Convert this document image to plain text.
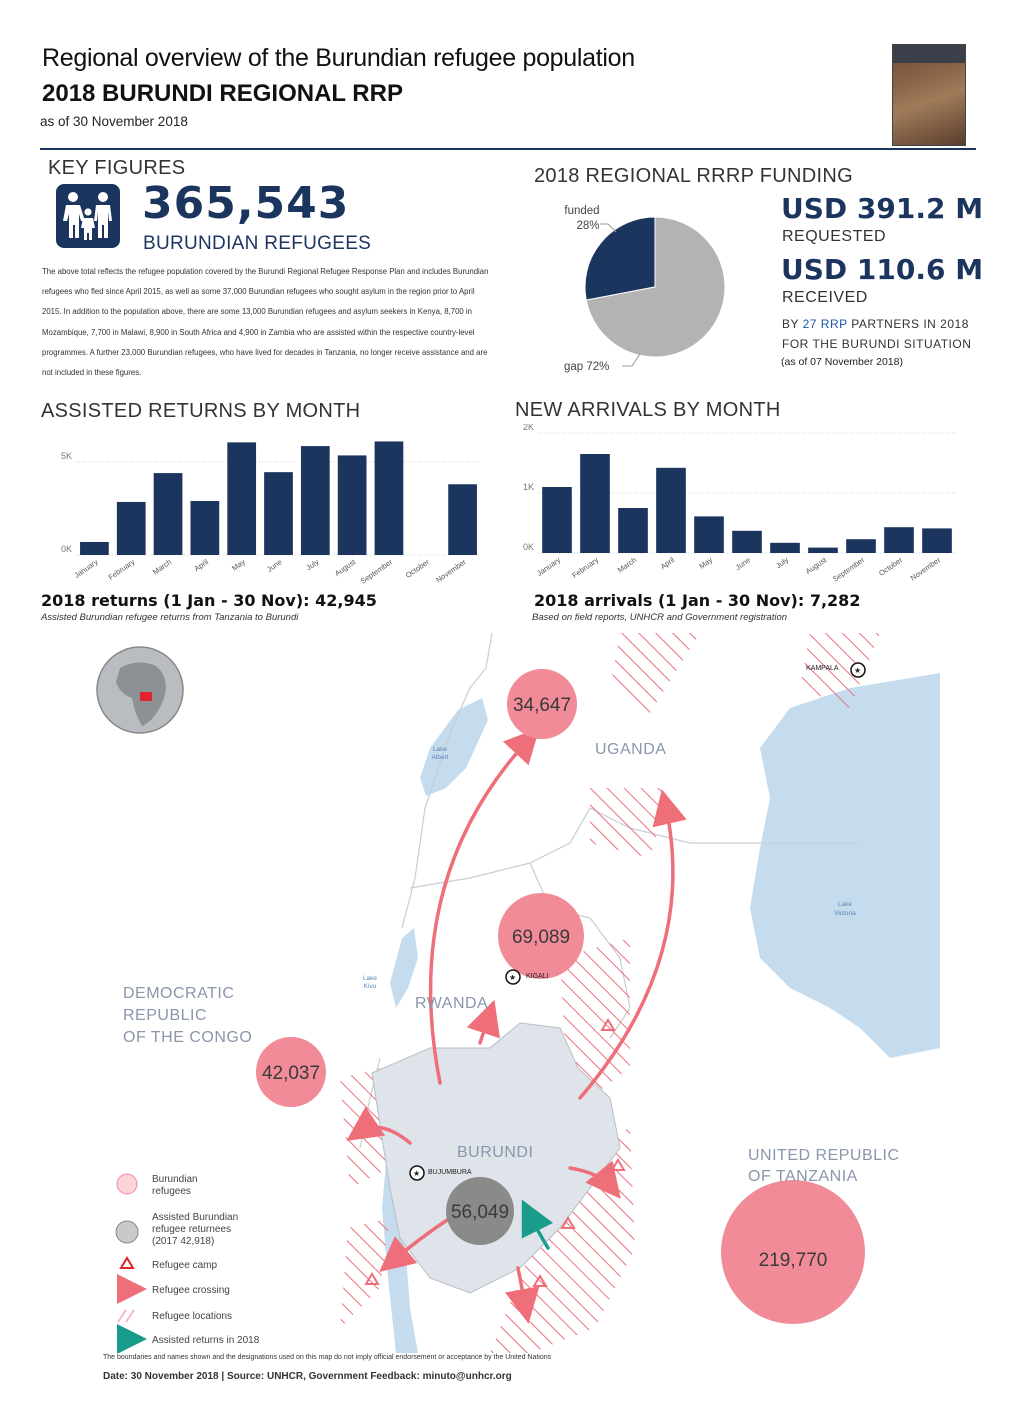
Regional overview of the Burundian refugee population
2018 BURUNDI REGIONAL RRP
as of 30 November 2018
KEY FIGURES
365,543
BURUNDIAN REFUGEES
The above total reflects the refugee population covered by the Burundi Regional Refugee Response Plan and includes Burundian refugees who fled since April 2015, as well as some 37,000 Burundian refugees who sought asylum in the region prior to April 2015. In addition to the population above, there are some 13,000 Burundian refugees and asylum seekers in Kenya, 8,700 in Mozambique, 7,700 in Malawi, 8,900 in South Africa and 4,900 in Zambia who are assisted within the respective country-level programmes. A further 23,000 Burundian refugees, who have lived for decades in Tanzania, no longer receive assistance and are not included in these figures.
2018 REGIONAL RRRP FUNDING
funded
28%
gap 72%
USD 391.2 M
REQUESTED
USD 110.6 M
RECEIVED
BY 27 RRP PARTNERS IN 2018
FOR THE BURUNDI SITUATION
(as of 07 November 2018)
ASSISTED RETURNS BY MONTH	NEW ARRIVALS BY MONTH
0K
5K
January February March	April	May June	July August September October November
0K
1K
2K
January February March	April	May	June	July August September October November
2018 returns (1 Jan - 30 Nov): 42,945	2018 arrivals (1 Jan - 30 Nov): 7,282
Assisted Burundian refugee returns from Tanzania to Burundi	Based on field reports, UNHCR and Government registration
34,647
69,089
42,037
219,770
56,049
UGANDA
RWANDA
BURUNDI
DEMOCRATIC
REPUBLIC
OF THE CONGO
UNITED REPUBLIC
OF TANZANIA
Lake
Albert
Lake
Kivu
Lake
Victoria
★
KAMPALA
★ KIGALI
★ BUJUMBURA
Burundian
refugees
Assisted Burundian
refugee returnees
(2017 42,918)
Refugee camp
Refugee crossing
Refugee locations
Assisted returns in 2018
The boundaries and names shown and the designations used on this map do not imply official endorsement or acceptance by the United Nations
Date: 30 November 2018 | Source: UNHCR, Government Feedback: minuto@unhcr.org
